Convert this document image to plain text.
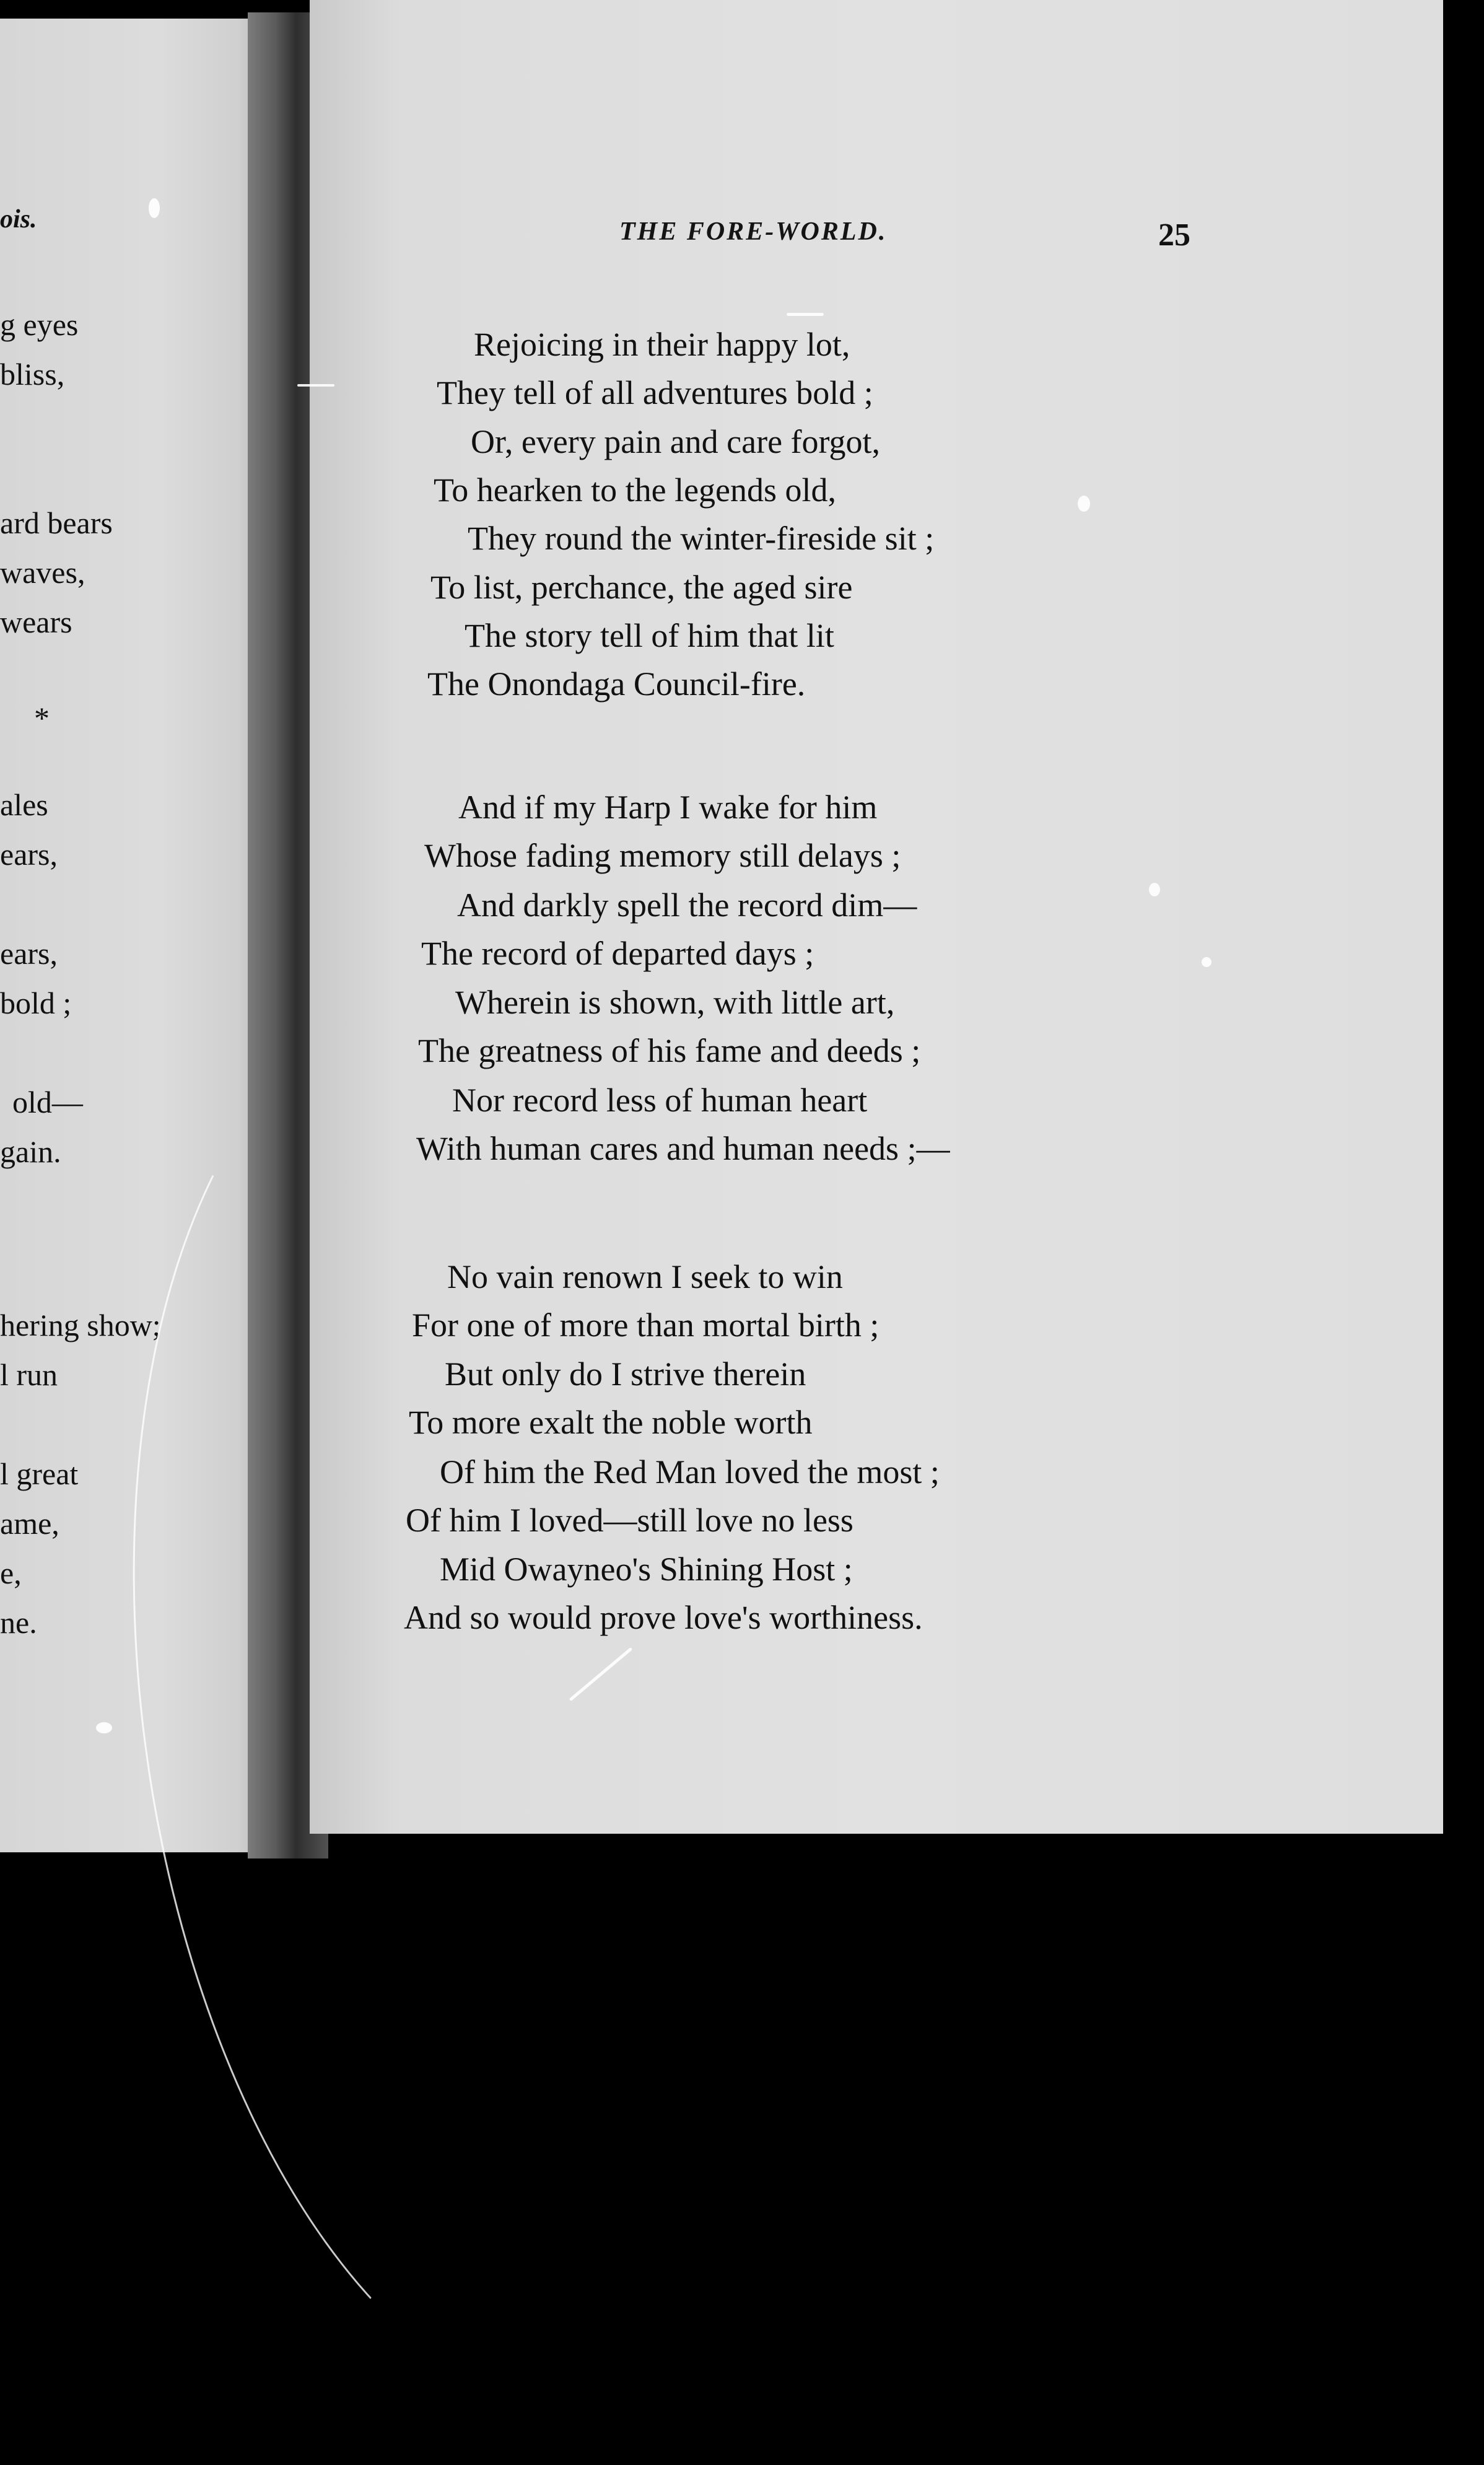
ois.
g eyes
bliss,
ard bears
waves,
wears
*
ales
ears,
ears,
bold ;
old—
gain.
hering show;
l run
l great
ame,
e,
ne.
THE FORE-WORLD.	25
Rejoicing in their happy lot,
They tell of all adventures bold ;
Or, every pain and care forgot,
To hearken to the legends old,
They round the winter-fireside sit ;
To list, perchance, the aged sire
The story tell of him that lit
The Onondaga Council-fire.
And if my Harp I wake for him
Whose fading memory still delays ;
And darkly spell the record dim—
The record of departed days ;
Wherein is shown, with little art,
The greatness of his fame and deeds ;
Nor record less of human heart
With human cares and human needs ;—
No vain renown I seek to win
For one of more than mortal birth ;
But only do I strive therein
To more exalt the noble worth
Of him the Red Man loved the most ;
Of him I loved—still love no less
Mid Owayneo's Shining Host ;
And so would prove love's worthiness.
